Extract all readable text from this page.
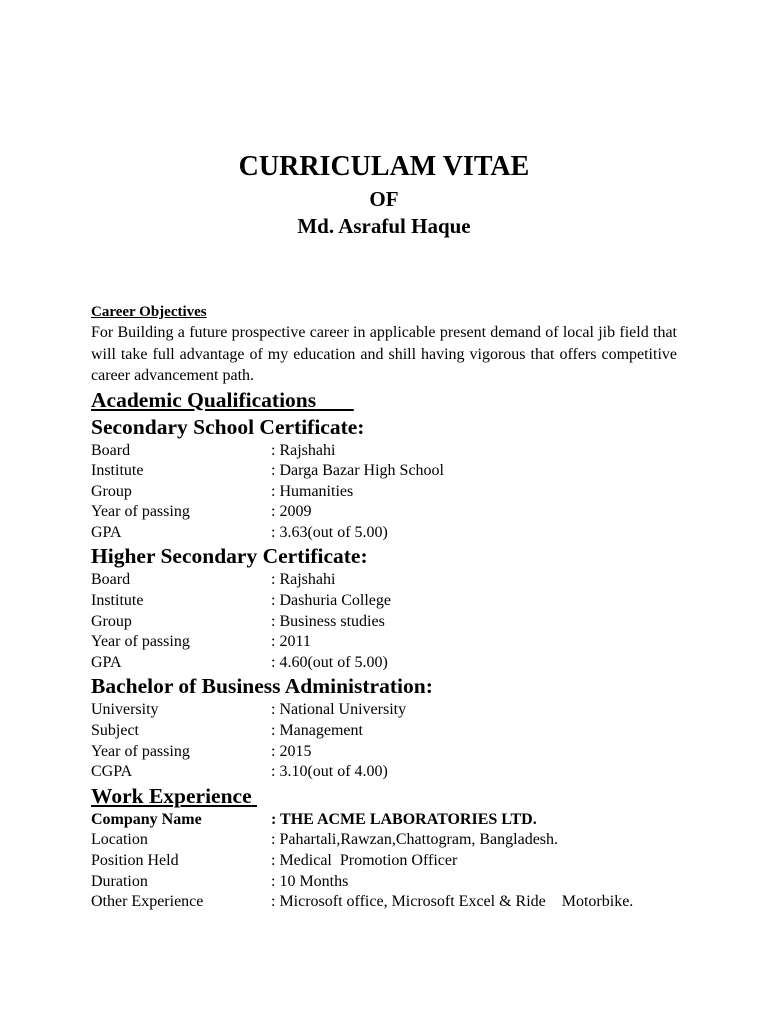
CURRICULAM VITAE
OF
Md. Asraful Haque
Career Objectives
For Building a future prospective career in applicable present demand of local jib field that will take full advantage of my education and shill having vigorous that offers competitive career advancement path.
Academic Qualifications
Secondary School Certificate:
Board	: Rajshahi
Institute	: Darga Bazar High School
Group	: Humanities
Year of passing	: 2009
GPA	: 3.63(out of 5.00)
Higher Secondary Certificate:
Board	: Rajshahi
Institute	: Dashuria College
Group	: Business studies
Year of passing	: 2011
GPA	: 4.60(out of 5.00)
Bachelor of Business Administration:
University	: National University
Subject	: Management
Year of passing	: 2015
CGPA	: 3.10(out of 4.00)
Work Experience
Company Name	: THE ACME LABORATORIES LTD.
Location	: Pahartali,Rawzan,Chattogram, Bangladesh.
Position Held	: Medical  Promotion Officer
Duration	: 10 Months
Other Experience	: Microsoft office, Microsoft Excel & Ride    Motorbike.
